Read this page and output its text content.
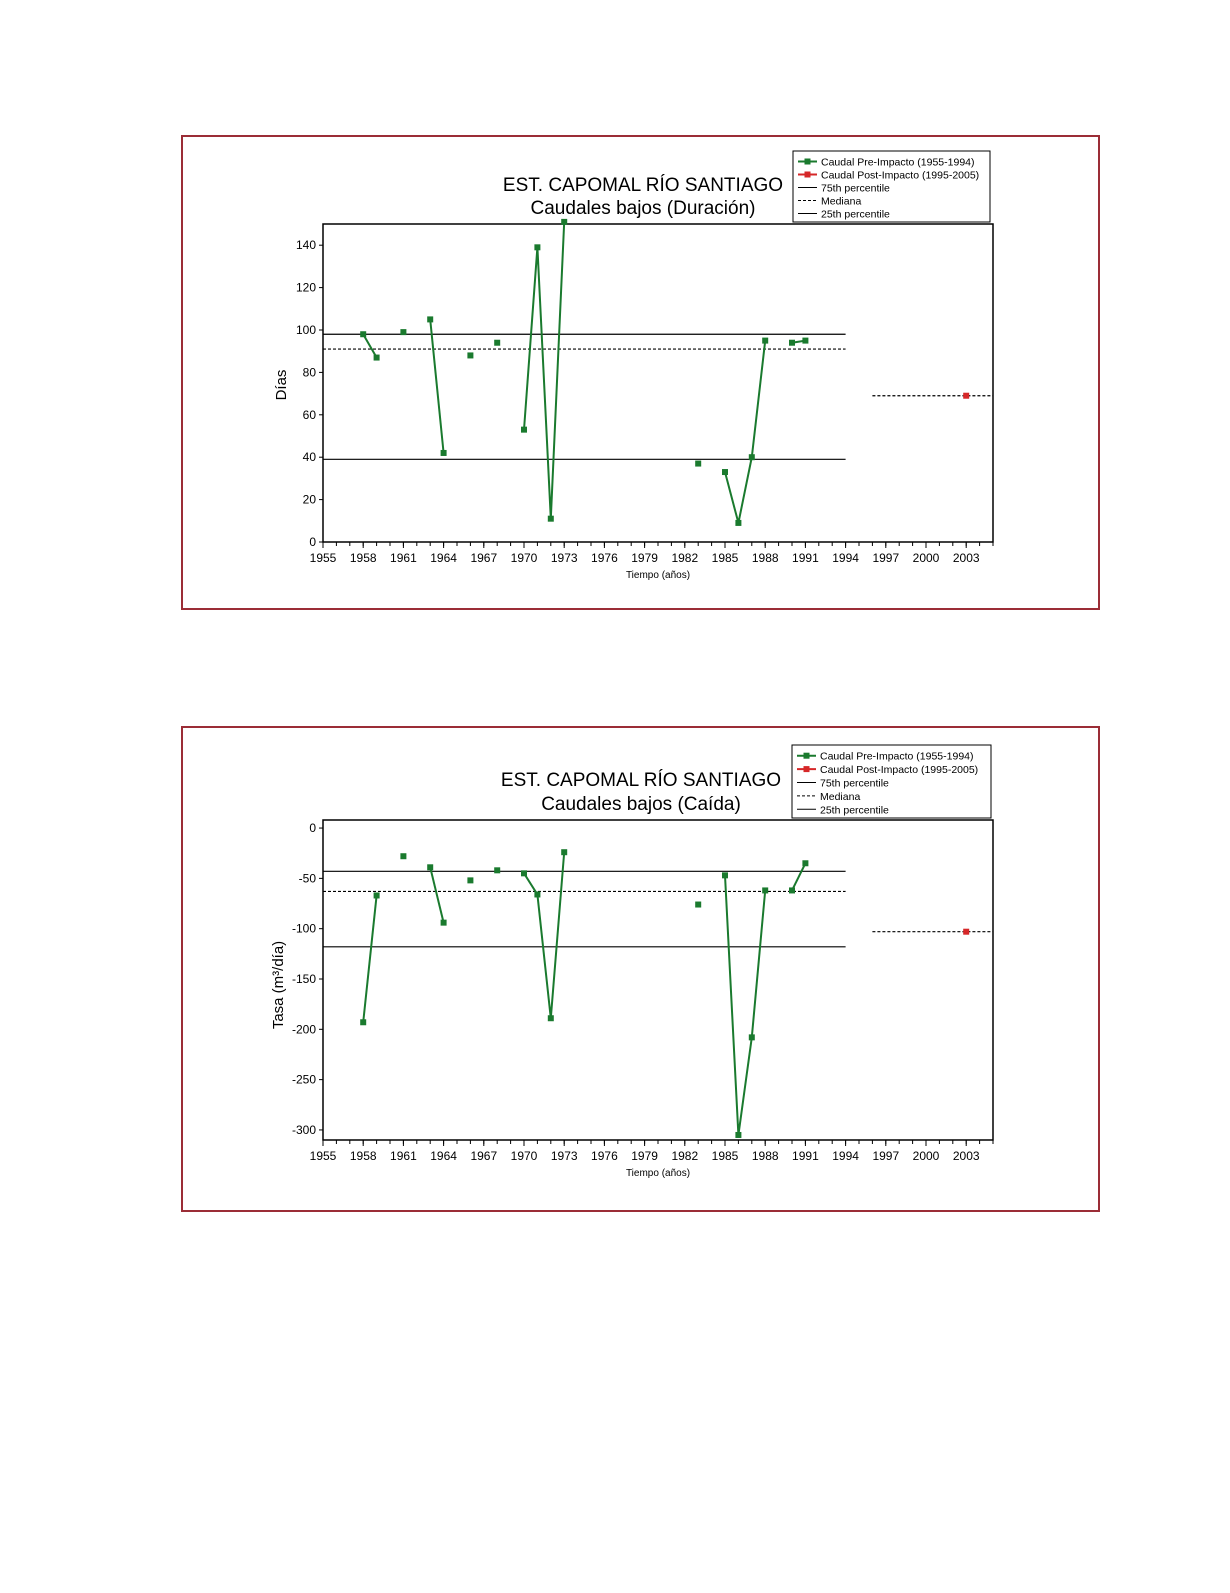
EST. CAPOMAL RÍO SANTIAGO
Caudales bajos (Duración)
Tiempo (años)
Días
0
20
40
60
80
100
120
140
1955 1958 1961 1964 1967 1970 1973 1976 1979 1982 1985 1988 1991 1994 1997 2000 2003
Caudal Pre-Impacto (1955-1994)
Caudal Post-Impacto (1995-2005)
75th percentile
Mediana
25th percentile
EST. CAPOMAL RÍO SANTIAGO
Caudales bajos (Caída)
Tiempo (años)
Tasa (m³/día)
0
-50
-100
-150
-200
-250
-300
1955 1958 1961 1964 1967 1970 1973 1976 1979 1982 1985 1988 1991 1994 1997 2000 2003
Caudal Pre-Impacto (1955-1994)
Caudal Post-Impacto (1995-2005)
75th percentile
Mediana
25th percentile
